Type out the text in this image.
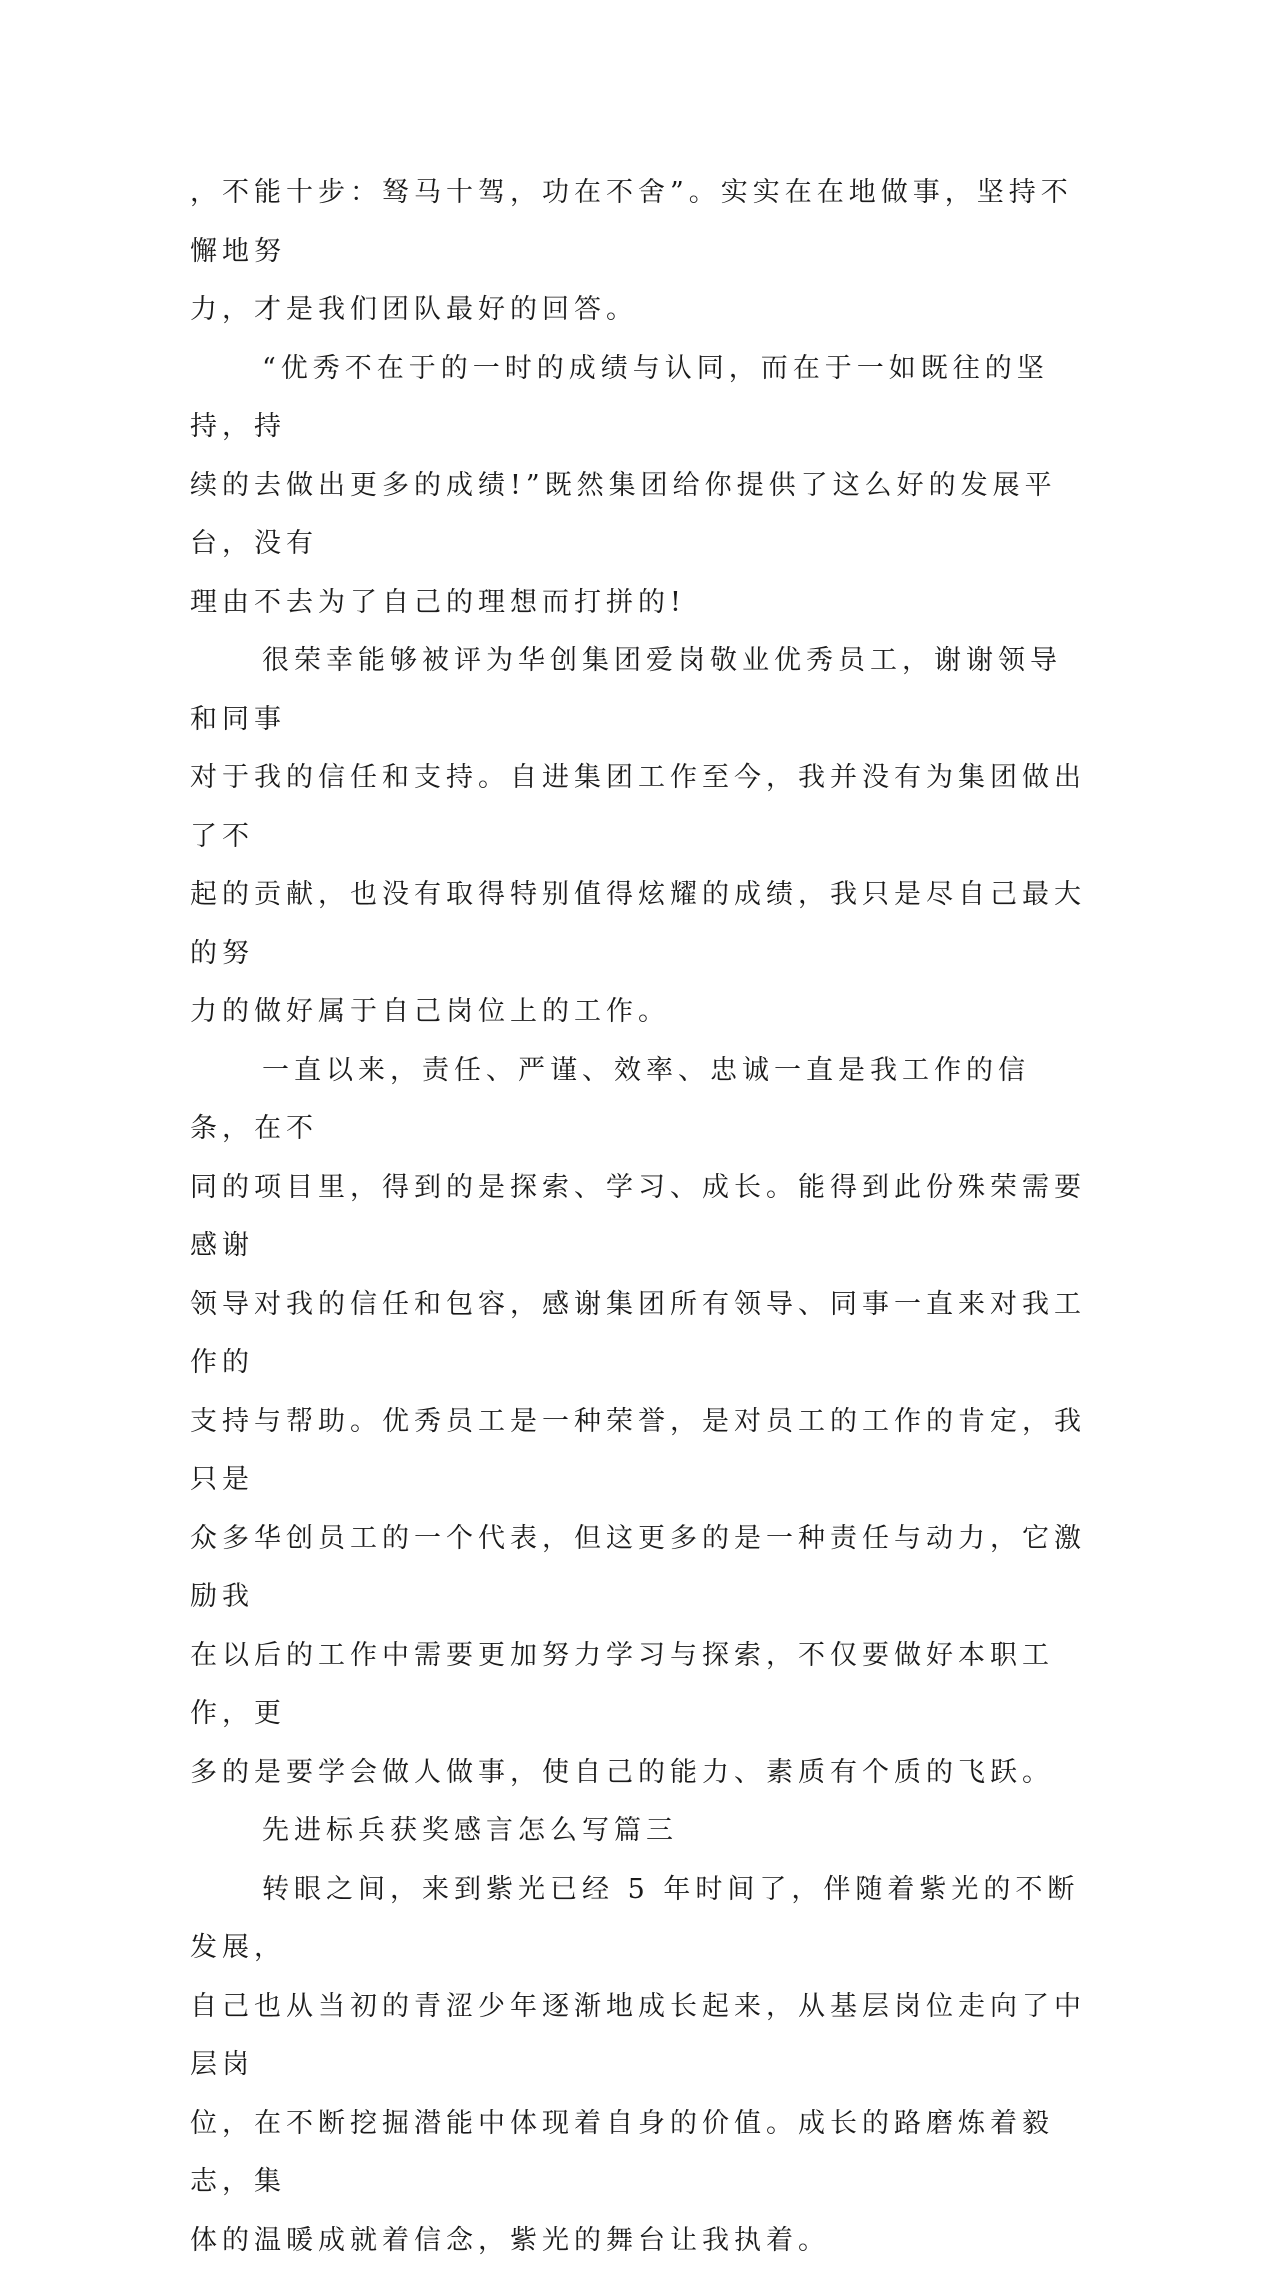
，不能十步：驽马十驾，功在不舍”。实实在在地做事，坚持不懈地努
力，才是我们团队最好的回答。

“优秀不在于的一时的成绩与认同，而在于一如既往的坚持，持
续的去做出更多的成绩!”既然集团给你提供了这么好的发展平台，没有
理由不去为了自己的理想而打拼的!

很荣幸能够被评为华创集团爱岗敬业优秀员工，谢谢领导和同事
对于我的信任和支持。自进集团工作至今，我并没有为集团做出了不
起的贡献，也没有取得特别值得炫耀的成绩，我只是尽自己最大的努
力的做好属于自己岗位上的工作。

一直以来，责任、严谨、效率、忠诚一直是我工作的信条，在不
同的项目里，得到的是探索、学习、成长。能得到此份殊荣需要感谢
领导对我的信任和包容，感谢集团所有领导、同事一直来对我工作的
支持与帮助。优秀员工是一种荣誉，是对员工的工作的肯定，我只是
众多华创员工的一个代表，但这更多的是一种责任与动力，它激励我
在以后的工作中需要更加努力学习与探索，不仅要做好本职工作，更
多的是要学会做人做事，使自己的能力、素质有个质的飞跃。

先进标兵获奖感言怎么写篇三

转眼之间，来到紫光已经 5 年时间了，伴随着紫光的不断发展，
自己也从当初的青涩少年逐渐地成长起来，从基层岗位走向了中层岗
位，在不断挖掘潜能中体现着自身的价值。成长的路磨炼着毅志，集
体的温暖成就着信念，紫光的舞台让我执着。
